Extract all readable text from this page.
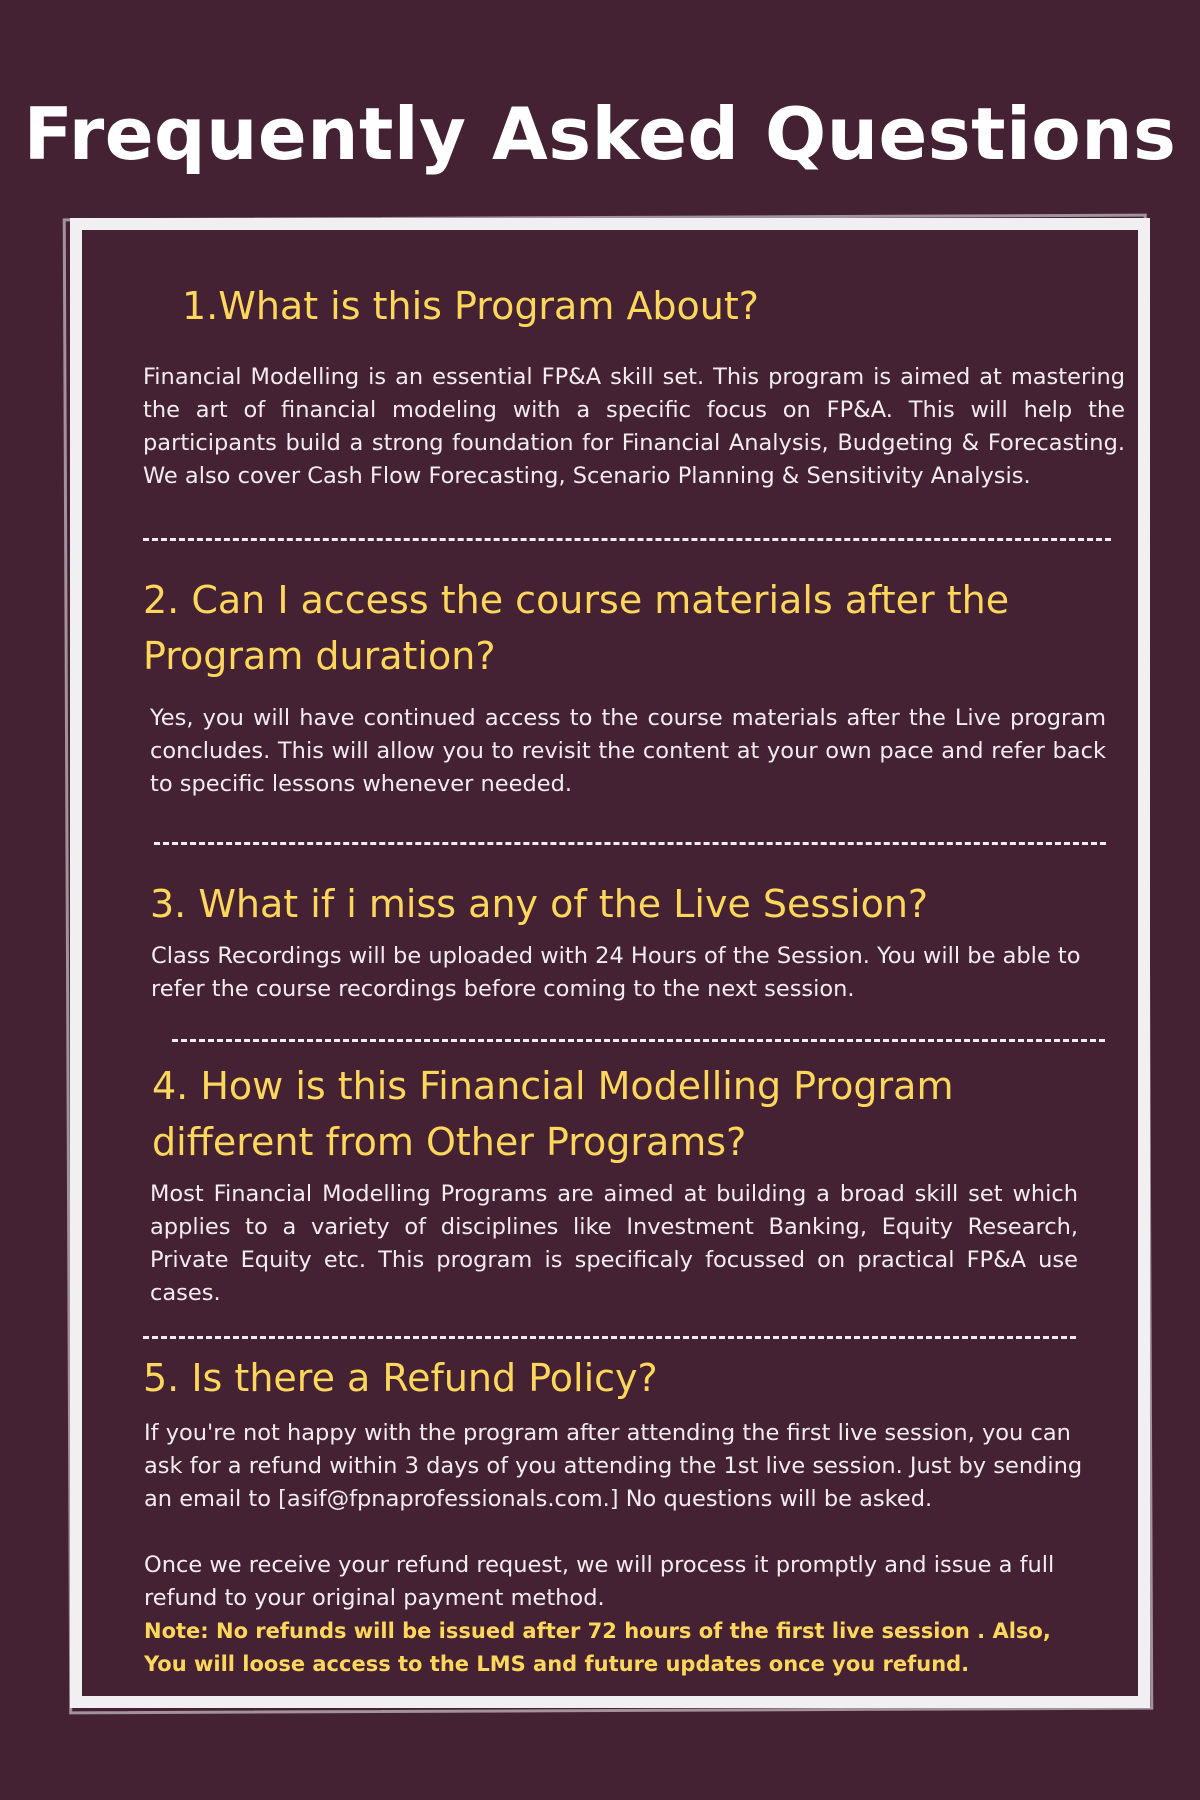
Frequently Asked Questions
1.What is this Program About?

Financial Modelling is an essential FP&A skill set. This program is aimed at mastering the art of financial modeling with a specific focus on FP&A. This will help the participants build a strong foundation for Financial Analysis, Budgeting & Forecasting. We also cover Cash Flow Forecasting, Scenario Planning & Sensitivity Analysis.

2. Can I access the course materials after the Program duration?

Yes, you will have continued access to the course materials after the Live program concludes. This will allow you to revisit the content at your own pace and refer back to specific lessons whenever needed.

3. What if i miss any of the Live Session?

Class Recordings will be uploaded with 24 Hours of the Session. You will be able to refer the course recordings before coming to the next session.

4. How is this Financial Modelling Program different from Other Programs?

Most Financial Modelling Programs are aimed at building a broad skill set which applies to a variety of disciplines like Investment Banking, Equity Research, Private Equity etc. This program is specificaly focussed on practical FP&A use cases.

5. Is there a Refund Policy?

If you're not happy with the program after attending the first live session, you can ask for a refund within 3 days of you attending the 1st live session. Just by sending an email to [asif@fpnaprofessionals.com.] No questions will be asked.

Once we receive your refund request, we will process it promptly and issue a full refund to your original payment method.

Note: No refunds will be issued after 72 hours of the first live session . Also, You will loose access to the LMS and future updates once you refund.
